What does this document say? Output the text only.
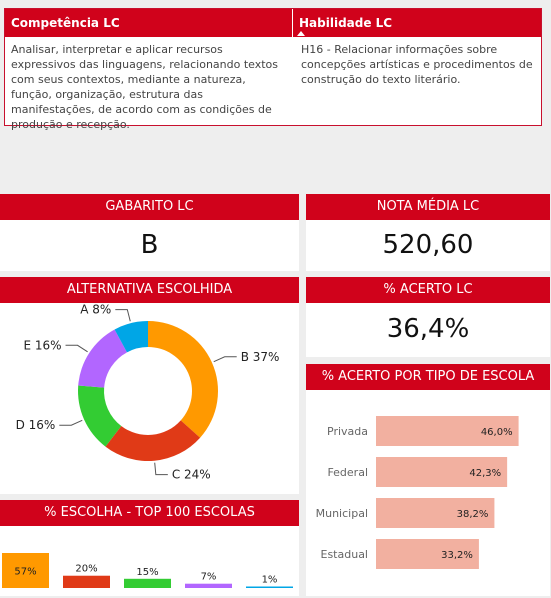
Competência LC	Habilidade LC
Analisar, interpretar e aplicar recursos expressivos das linguagens, relacionando textos com seus contextos, mediante a natureza, função, organização, estrutura das manifestações, de acordo com as condições de produção e recepção.
H16 - Relacionar informações sobre concepções artísticas e procedimentos de construção do texto literário.
GABARITO LC
B
NOTA MÉDIA LC
520,60
% ACERTO LC
36,4%
ALTERNATIVA ESCOLHIDA
B 37%
C 24%
D 16%
E 16%
A 8%
% ACERTO POR TIPO DE ESCOLA
Privada	46,0%
Federal	42,3%
Municipal	38,2%
Estadual	33,2%
% ESCOLHA - TOP 100 ESCOLAS
57%	20%	15%	7%	1%
